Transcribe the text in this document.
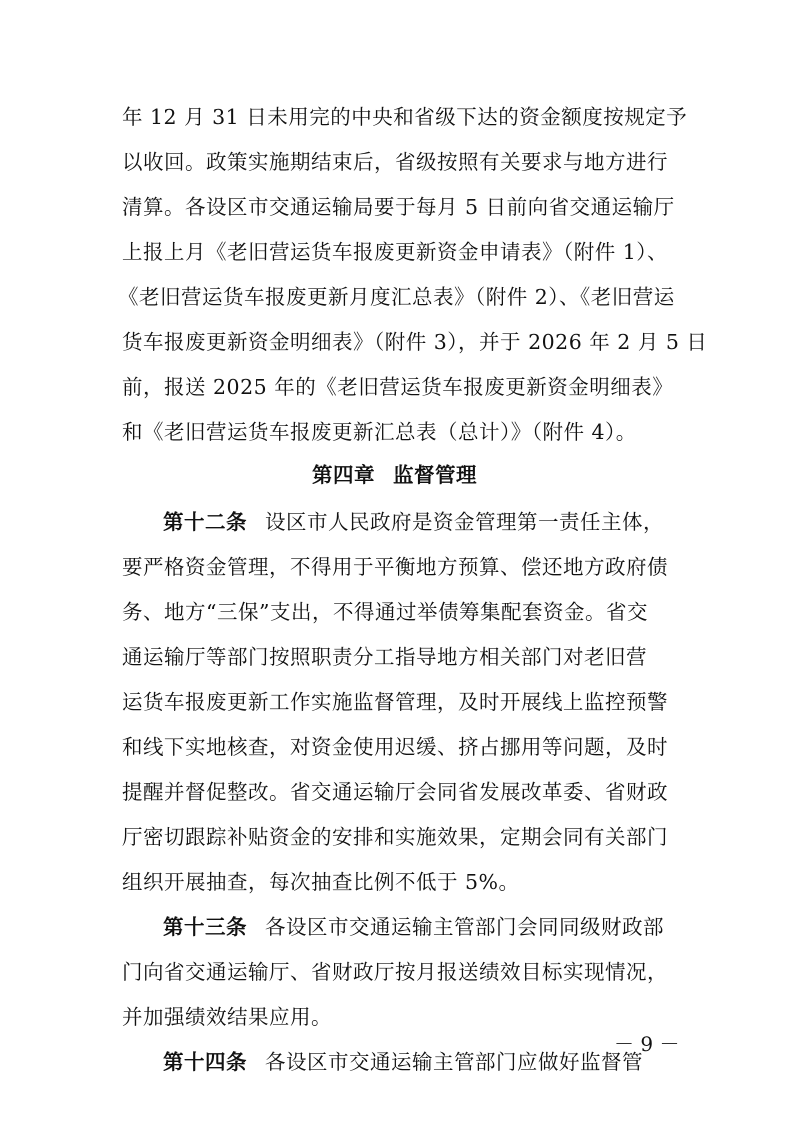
年 12 月 31 日未用完的中央和省级下达的资金额度按规定予
以收回。政策实施期结束后，省级按照有关要求与地方进行
清算。各设区市交通运输局要于每月 5 日前向省交通运输厅
上报上月《老旧营运货车报废更新资金申请表》（附件 1）、
《老旧营运货车报废更新月度汇总表》（附件 2）、《老旧营运
货车报废更新资金明细表》（附件 3），并于 2026 年 2 月 5 日
前，报送 2025 年的《老旧营运货车报废更新资金明细表》
和《老旧营运货车报废更新汇总表（总计）》（附件 4）。
第四章 监督管理
第十二条 设区市人民政府是资金管理第一责任主体，
要严格资金管理，不得用于平衡地方预算、偿还地方政府债
务、地方“三保”支出，不得通过举债筹集配套资金。省交
通运输厅等部门按照职责分工指导地方相关部门对老旧营
运货车报废更新工作实施监督管理，及时开展线上监控预警
和线下实地核查，对资金使用迟缓、挤占挪用等问题，及时
提醒并督促整改。省交通运输厅会同省发展改革委、省财政
厅密切跟踪补贴资金的安排和实施效果，定期会同有关部门
组织开展抽查，每次抽查比例不低于 5%。
第十三条 各设区市交通运输主管部门会同同级财政部
门向省交通运输厅、省财政厅按月报送绩效目标实现情况，
并加强绩效结果应用。
第十四条 各设区市交通运输主管部门应做好监督管
－ 9 －
